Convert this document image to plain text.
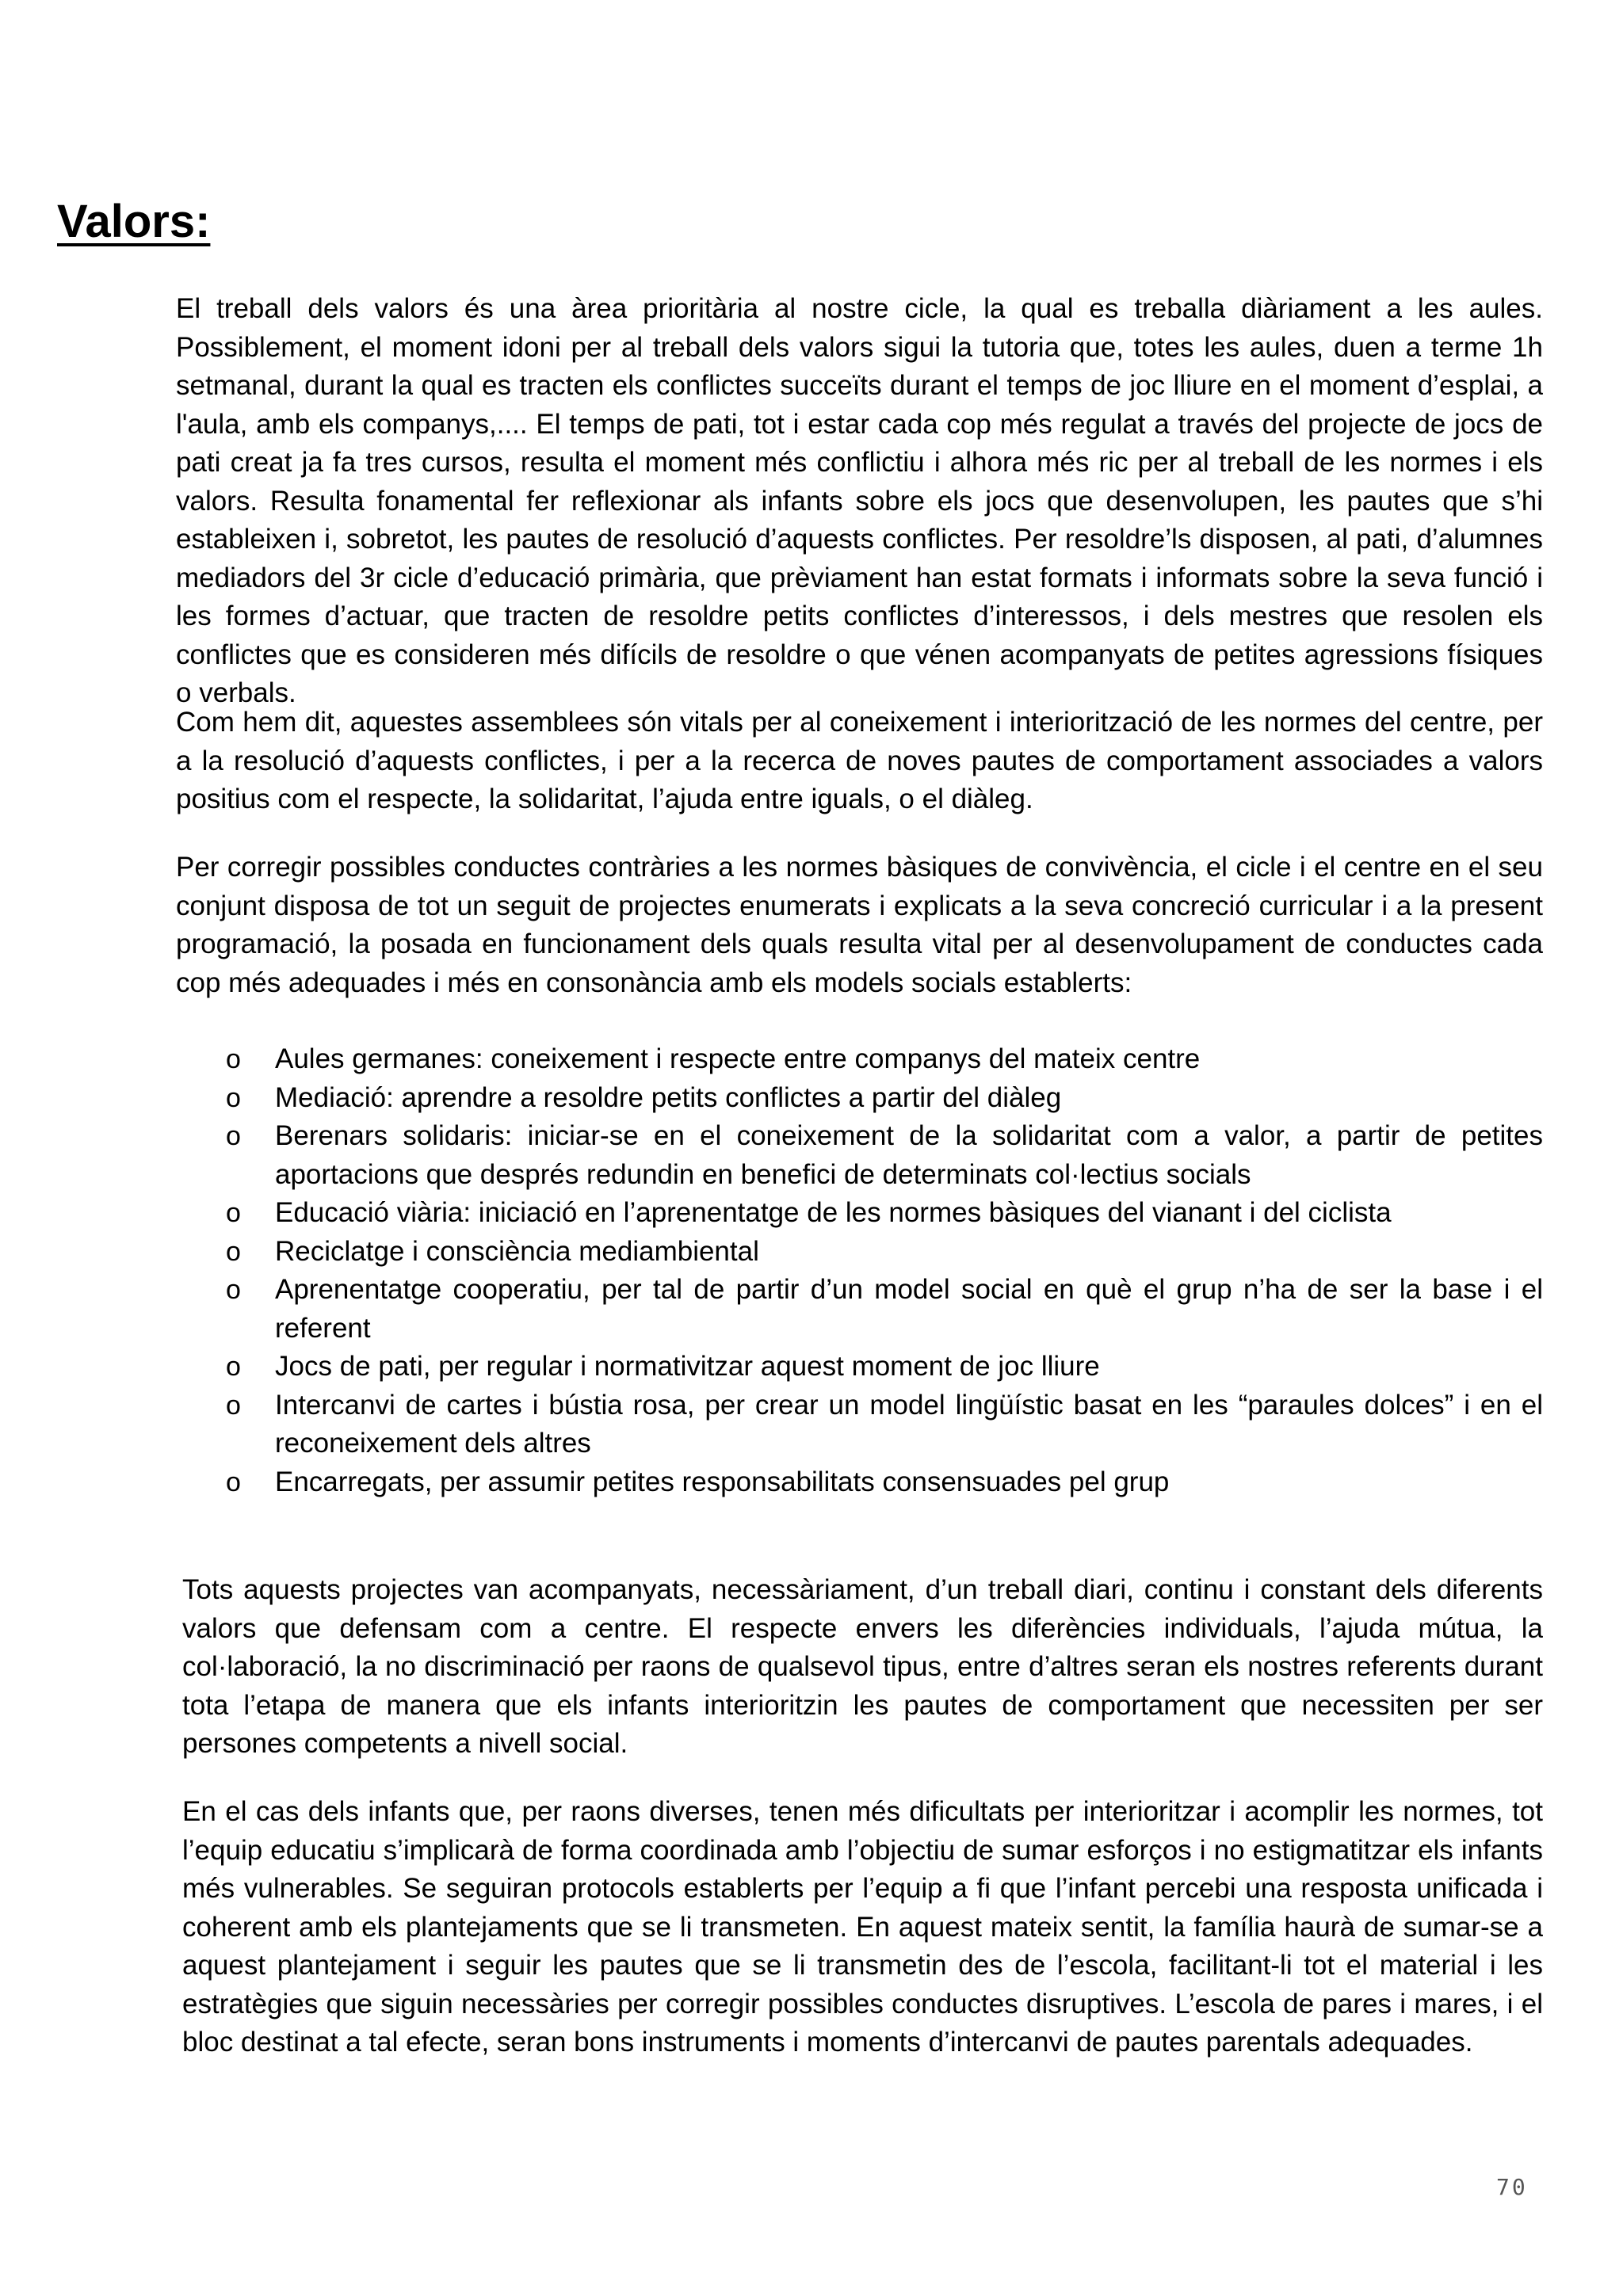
Valors:

El treball dels valors és una àrea prioritària al nostre cicle, la qual es treballa diàriament a les aules. Possiblement, el moment idoni per al treball dels valors sigui la tutoria que, totes les aules, duen a terme 1h setmanal, durant la qual es tracten els conflictes succeïts durant el temps de joc lliure en el moment d’esplai, a l'aula, amb els companys,.... El temps de pati, tot i estar cada cop més regulat a través del projecte de jocs de pati creat ja fa tres cursos, resulta el moment més conflictiu i alhora més ric per al treball de les normes i els valors. Resulta fonamental fer reflexionar als infants sobre els jocs que desenvolupen, les pautes que s’hi estableixen i, sobretot, les pautes de resolució d’aquests conflictes. Per resoldre’ls disposen, al pati, d’alumnes mediadors del 3r cicle d’educació primària, que prèviament han estat formats i informats sobre la seva funció i les formes d’actuar, que tracten de resoldre petits conflictes d’interessos, i dels mestres que resolen els conflictes que es consideren més difícils de resoldre o que vénen acompanyats de petites agressions físiques o verbals.

Com hem dit, aquestes assemblees són vitals per al coneixement i interiorització de les normes del centre, per a la resolució d’aquests conflictes, i per a la recerca de noves pautes de comportament associades a valors positius com el respecte, la solidaritat, l’ajuda entre iguals, o el diàleg.

Per corregir possibles conductes contràries a les normes bàsiques de convivència, el cicle i el centre en el seu conjunt disposa de tot un seguit de projectes enumerats i explicats a la seva concreció curricular i a la present programació, la posada en funcionament dels quals resulta vital per al desenvolupament de conductes cada cop més adequades i més en consonància amb els models socials establerts:

o Aules germanes: coneixement i respecte entre companys del mateix centre
o Mediació: aprendre a resoldre petits conflictes a partir del diàleg
o Berenars solidaris: iniciar-se en el coneixement de la solidaritat com a valor, a partir de petites aportacions que després redundin en benefici de determinats col·lectius socials
o Educació viària: iniciació en l’aprenentatge de les normes bàsiques del vianant i del ciclista
o Reciclatge i consciència mediambiental
o Aprenentatge cooperatiu, per tal de partir d’un model social en què el grup n’ha de ser la base i el referent
o Jocs de pati, per regular i normativitzar aquest moment de joc lliure
o Intercanvi de cartes i bústia rosa, per crear un model lingüístic basat en les “paraules dolces” i en el reconeixement dels altres
o Encarregats, per assumir petites responsabilitats consensuades pel grup

Tots aquests projectes van acompanyats, necessàriament, d’un treball diari, continu i constant dels diferents valors que defensam com a centre. El respecte envers les diferències individuals, l’ajuda mútua, la col·laboració, la no discriminació per raons de qualsevol tipus, entre d’altres seran els nostres referents durant tota l’etapa de manera que els infants interioritzin les pautes de comportament que necessiten per ser persones competents a nivell social.

En el cas dels infants que, per raons diverses, tenen més dificultats per interioritzar i acomplir les normes, tot l’equip educatiu s’implicarà de forma coordinada amb l’objectiu de sumar esforços i no estigmatitzar els infants més vulnerables. Se seguiran protocols establerts per l’equip a fi que l’infant percebi una resposta unificada i coherent amb els plantejaments que se li transmeten. En aquest mateix sentit, la família haurà de sumar-se a aquest plantejament i seguir les pautes que se li transmetin des de l’escola, facilitant-li tot el material i les estratègies que siguin necessàries per corregir possibles conductes disruptives. L’escola de pares i mares, i el bloc destinat a tal efecte, seran bons instruments i moments d’intercanvi de pautes parentals adequades.

70
